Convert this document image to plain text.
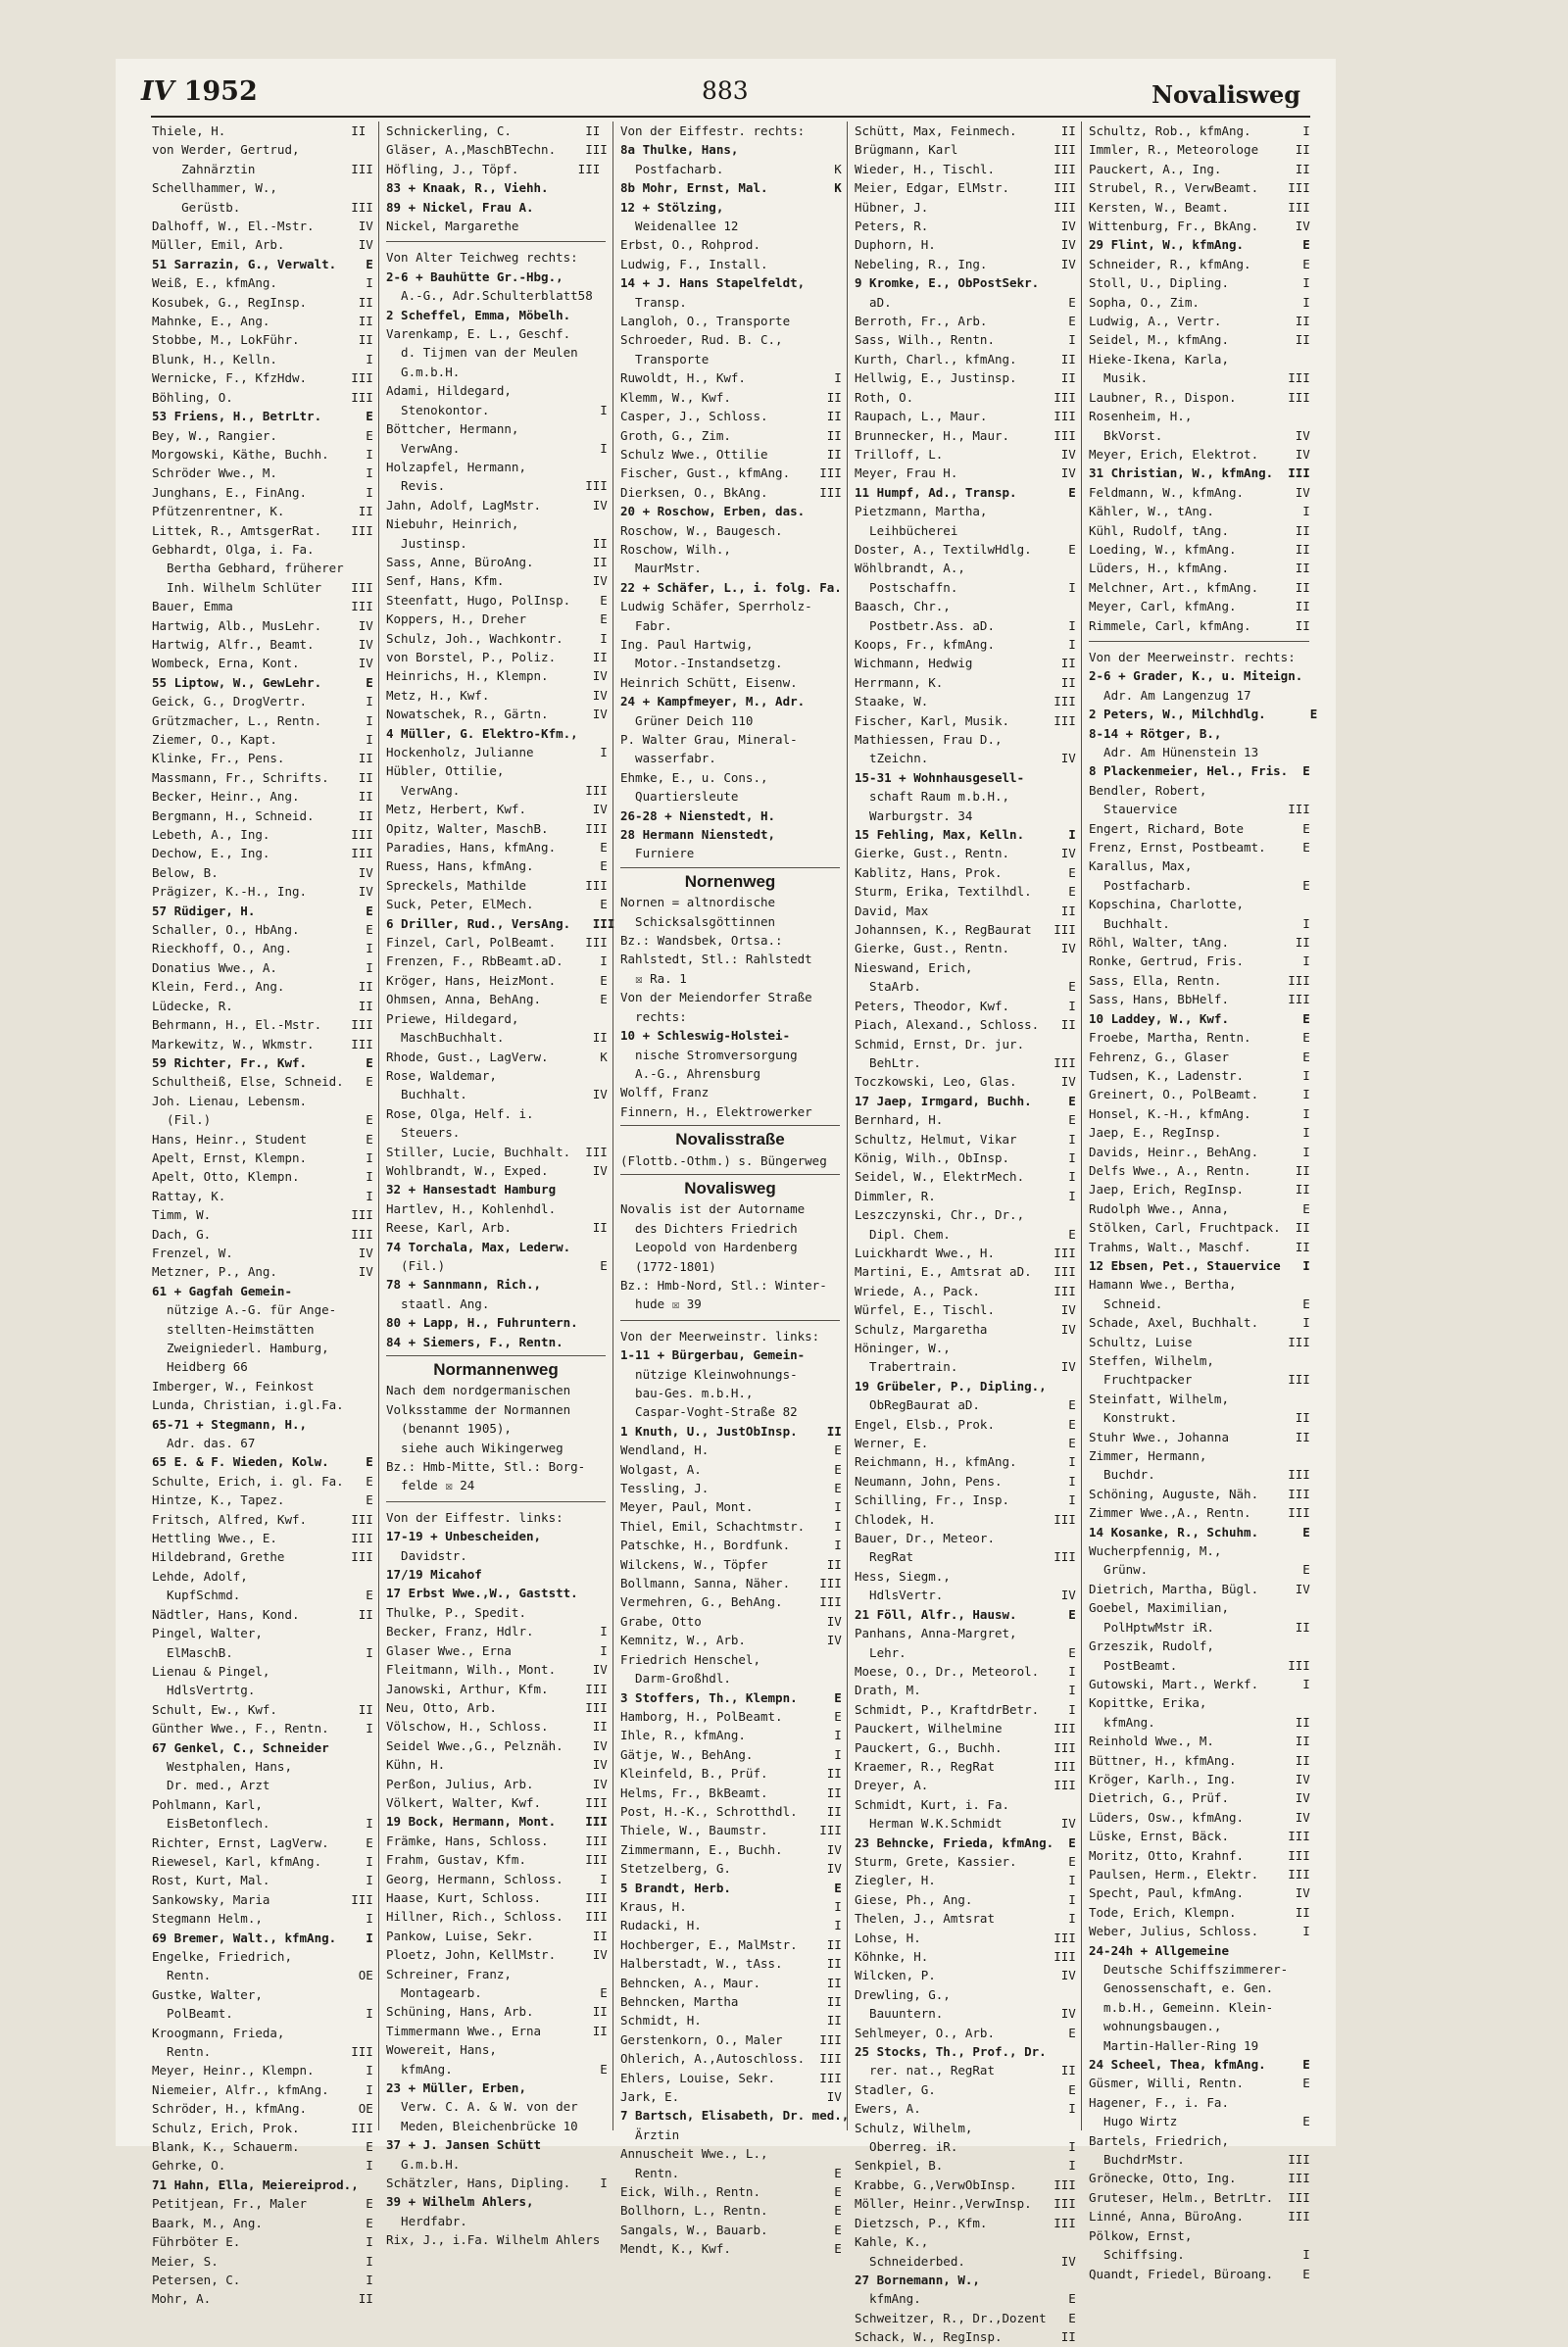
IV 1952	883	Novalisweg
Thiele, H.                 II
von Werder, Gertrud,
Zahnärztin             III
Schellhammer, W.,
Gerüstb.               III
Dalhoff, W., El.-Mstr.      IV
Müller, Emil, Arb.          IV
51 Sarrazin, G., Verwalt.    E
Weiß, E., kfmAng.            I
Kosubek, G., RegInsp.       II
Mahnke, E., Ang.            II
Stobbe, M., LokFühr.        II
Blunk, H., Kelln.            I
Wernicke, F., KfzHdw.      III
Böhling, O.                III
53 Friens, H., BetrLtr.      E
Bey, W., Rangier.            E
Morgowski, Käthe, Buchh.     I
Schröder Wwe., M.            I
Junghans, E., FinAng.        I
Pfützenrentner, K.          II
Littek, R., AmtsgerRat.    III
Gebhardt, Olga, i. Fa.
Bertha Gebhard, früherer
Inh. Wilhelm Schlüter    III
Bauer, Emma                III
Hartwig, Alb., MusLehr.     IV
Hartwig, Alfr., Beamt.      IV
Wombeck, Erna, Kont.        IV
55 Liptow, W., GewLehr.      E
Geick, G., DrogVertr.        I
Grützmacher, L., Rentn.      I
Ziemer, O., Kapt.            I
Klinke, Fr., Pens.          II
Massmann, Fr., Schrifts.    II
Becker, Heinr., Ang.        II
Bergmann, H., Schneid.      II
Lebeth, A., Ing.           III
Dechow, E., Ing.           III
Below, B.                   IV
Prägizer, K.-H., Ing.       IV
57 Rüdiger, H.               E
Schaller, O., HbAng.         E
Rieckhoff, O., Ang.          I
Donatius Wwe., A.            I
Klein, Ferd., Ang.          II
Lüdecke, R.                 II
Behrmann, H., El.-Mstr.    III
Markewitz, W., Wkmstr.     III
59 Richter, Fr., Kwf.        E
Schultheiß, Else, Schneid.   E
Joh. Lienau, Lebensm.
(Fil.)                     E
Hans, Heinr., Student        E
Apelt, Ernst, Klempn.        I
Apelt, Otto, Klempn.         I
Rattay, K.                   I
Timm, W.                   III
Dach, G.                   III
Frenzel, W.                 IV
Metzner, P., Ang.           IV
61 + Gagfah Gemein-
nützige A.-G. für Ange-
stellten-Heimstätten
Zweigniederl. Hamburg,
Heidberg 66
Imberger, W., Feinkost
Lunda, Christian, i.gl.Fa.
65-71 + Stegmann, H.,
Adr. das. 67
65 E. & F. Wieden, Kolw.     E
Schulte, Erich, i. gl. Fa.   E
Hintze, K., Tapez.           E
Fritsch, Alfred, Kwf.      III
Hettling Wwe., E.          III
Hildebrand, Grethe         III
Lehde, Adolf,
KupfSchmd.                 E
Nädtler, Hans, Kond.        II
Pingel, Walter,
ElMaschB.                  I
Lienau & Pingel,
HdlsVertrtg.
Schult, Ew., Kwf.           II
Günther Wwe., F., Rentn.     I
67 Genkel, C., Schneider
Westphalen, Hans,
Dr. med., Arzt
Pohlmann, Karl,
EisBetonflech.             I
Richter, Ernst, LagVerw.     E
Riewesel, Karl, kfmAng.      I
Rost, Kurt, Mal.             I
Sankowsky, Maria           III
Stegmann Helm.,              I
69 Bremer, Walt., kfmAng.    I
Engelke, Friedrich,
Rentn.                    OE
Gustke, Walter,
PolBeamt.                  I
Kroogmann, Frieda,
Rentn.                   III
Meyer, Heinr., Klempn.       I
Niemeier, Alfr., kfmAng.     I
Schröder, H., kfmAng.       OE
Schulz, Erich, Prok.       III
Blank, K., Schauerm.         E
Gehrke, O.                   I
71 Hahn, Ella, Meiereiprod.,
Petitjean, Fr., Maler        E
Baark, M., Ang.              E
Führböter E.                 I
Meier, S.                    I
Petersen, C.                 I
Mohr, A.                    II
Schnickerling, C.          II
Gläser, A.,MaschBTechn.    III
Höfling, J., Töpf.        III
83 + Knaak, R., Viehh.
89 + Nickel, Frau A.
Nickel, Margarethe
Von Alter Teichweg rechts:
2-6 + Bauhütte Gr.-Hbg.,
A.-G., Adr.Schulterblatt58
2 Scheffel, Emma, Möbelh.
Varenkamp, E. L., Geschf.
d. Tijmen van der Meulen
G.m.b.H.
Adami, Hildegard,
Stenokontor.               I
Böttcher, Hermann,
VerwAng.                   I
Holzapfel, Hermann,
Revis.                   III
Jahn, Adolf, LagMstr.       IV
Niebuhr, Heinrich,
Justinsp.                 II
Sass, Anne, BüroAng.        II
Senf, Hans, Kfm.            IV
Steenfatt, Hugo, PolInsp.    E
Koppers, H., Dreher          E
Schulz, Joh., Wachkontr.     I
von Borstel, P., Poliz.     II
Heinrichs, H., Klempn.      IV
Metz, H., Kwf.              IV
Nowatschek, R., Gärtn.      IV
4 Müller, G. Elektro-Kfm.,
Hockenholz, Julianne         I
Hübler, Ottilie,
VerwAng.                 III
Metz, Herbert, Kwf.         IV
Opitz, Walter, MaschB.     III
Paradies, Hans, kfmAng.      E
Ruess, Hans, kfmAng.         E
Spreckels, Mathilde        III
Suck, Peter, ElMech.         E
6 Driller, Rud., VersAng.   III
Finzel, Carl, PolBeamt.    III
Frenzen, F., RbBeamt.aD.     I
Kröger, Hans, HeizMont.      E
Ohmsen, Anna, BehAng.        E
Priewe, Hildegard,
MaschBuchhalt.            II
Rhode, Gust., LagVerw.       K
Rose, Waldemar,
Buchhalt.                 IV
Rose, Olga, Helf. i.
Steuers.
Stiller, Lucie, Buchhalt.  III
Wohlbrandt, W., Exped.      IV
32 + Hansestadt Hamburg
Hartlev, H., Kohlenhdl.
Reese, Karl, Arb.           II
74 Torchala, Max, Lederw.
(Fil.)                     E
78 + Sannmann, Rich.,
staatl. Ang.
80 + Lapp, H., Fuhruntern.
84 + Siemers, F., Rentn.
Normannenweg
Nach dem nordgermanischen
Volksstamme der Normannen
(benannt 1905),
siehe auch Wikingerweg
Bz.: Hmb-Mitte, Stl.: Borg-
felde ☒ 24
Von der Eiffestr. links:
17-19 + Unbescheiden,
Davidstr.
17/19 Micahof
17 Erbst Wwe.,W., Gaststt.
Thulke, P., Spedit.
Becker, Franz, Hdlr.         I
Glaser Wwe., Erna            I
Fleitmann, Wilh., Mont.     IV
Janowski, Arthur, Kfm.     III
Neu, Otto, Arb.            III
Völschow, H., Schloss.      II
Seidel Wwe.,G., Pelznäh.    IV
Kühn, H.                    IV
Perßon, Julius, Arb.        IV
Völkert, Walter, Kwf.      III
19 Bock, Hermann, Mont.    III
Främke, Hans, Schloss.     III
Frahm, Gustav, Kfm.        III
Georg, Hermann, Schloss.     I
Haase, Kurt, Schloss.      III
Hillner, Rich., Schloss.   III
Pankow, Luise, Sekr.        II
Ploetz, John, KellMstr.     IV
Schreiner, Franz,
Montagearb.                E
Schüning, Hans, Arb.        II
Timmermann Wwe., Erna       II
Wowereit, Hans,
kfmAng.                    E
23 + Müller, Erben,
Verw. C. A. & W. von der
Meden, Bleichenbrücke 10
37 + J. Jansen Schütt
G.m.b.H.
Schätzler, Hans, Dipling.    I
39 + Wilhelm Ahlers,
Herdfabr.
Rix, J., i.Fa. Wilhelm Ahlers
Von der Eiffestr. rechts:
8a Thulke, Hans,
Postfacharb.               K
8b Mohr, Ernst, Mal.         K
12 + Stölzing,
Weidenallee 12
Erbst, O., Rohprod.
Ludwig, F., Install.
14 + J. Hans Stapelfeldt,
Transp.
Langloh, O., Transporte
Schroeder, Rud. B. C.,
Transporte
Ruwoldt, H., Kwf.            I
Klemm, W., Kwf.             II
Casper, J., Schloss.        II
Groth, G., Zim.             II
Schulz Wwe., Ottilie        II
Fischer, Gust., kfmAng.    III
Dierksen, O., BkAng.       III
20 + Roschow, Erben, das.
Roschow, W., Baugesch.
Roschow, Wilh.,
MaurMstr.
22 + Schäfer, L., i. folg. Fa.
Ludwig Schäfer, Sperrholz-
Fabr.
Ing. Paul Hartwig,
Motor.-Instandsetzg.
Heinrich Schütt, Eisenw.
24 + Kampfmeyer, M., Adr.
Grüner Deich 110
P. Walter Grau, Mineral-
wasserfabr.
Ehmke, E., u. Cons.,
Quartiersleute
26-28 + Nienstedt, H.
28 Hermann Nienstedt,
Furniere
Nornenweg
Nornen = altnordische
Schicksalsgöttinnen
Bz.: Wandsbek, Ortsa.:
Rahlstedt, Stl.: Rahlstedt
☒ Ra. 1
Von der Meiendorfer Straße
rechts:
10 + Schleswig-Holstei-
nische Stromversorgung
A.-G., Ahrensburg
Wolff, Franz
Finnern, H., Elektrowerker
Novalisstraße
(Flottb.-Othm.) s. Büngerweg
Novalisweg
Novalis ist der Autorname
des Dichters Friedrich
Leopold von Hardenberg
(1772-1801)
Bz.: Hmb-Nord, Stl.: Winter-
hude ☒ 39
Von der Meerweinstr. links:
1-11 + Bürgerbau, Gemein-
nützige Kleinwohnungs-
bau-Ges. m.b.H.,
Caspar-Voght-Straße 82
1 Knuth, U., JustObInsp.    II
Wendland, H.                 E
Wolgast, A.                  E
Tessling, J.                 E
Meyer, Paul, Mont.           I
Thiel, Emil, Schachtmstr.    I
Patschke, H., Bordfunk.      I
Wilckens, W., Töpfer        II
Bollmann, Sanna, Näher.    III
Vermehren, G., BehAng.     III
Grabe, Otto                 IV
Kemnitz, W., Arb.           IV
Friedrich Henschel,
Darm-Großhdl.
3 Stoffers, Th., Klempn.     E
Hamborg, H., PolBeamt.       E
Ihle, R., kfmAng.            I
Gätje, W., BehAng.           I
Kleinfeld, B., Prüf.        II
Helms, Fr., BkBeamt.        II
Post, H.-K., Schrotthdl.    II
Thiele, W., Baumstr.       III
Zimmermann, E., Buchh.      IV
Stetzelberg, G.             IV
5 Brandt, Herb.              E
Kraus, H.                    I
Rudacki, H.                  I
Hochberger, E., MalMstr.    II
Halberstadt, W., tAss.      II
Behncken, A., Maur.         II
Behncken, Martha            II
Schmidt, H.                 II
Gerstenkorn, O., Maler     III
Ohlerich, A.,Autoschloss.  III
Ehlers, Louise, Sekr.      III
Jark, E.                    IV
7 Bartsch, Elisabeth, Dr. med.,
Ärztin
Annuscheit Wwe., L.,
Rentn.                     E
Eick, Wilh., Rentn.          E
Bollhorn, L., Rentn.         E
Sangals, W., Bauarb.         E
Mendt, K., Kwf.              E
Schütt, Max, Feinmech.      II
Brügmann, Karl             III
Wieder, H., Tischl.        III
Meier, Edgar, ElMstr.      III
Hübner, J.                 III
Peters, R.                  IV
Duphorn, H.                 IV
Nebeling, R., Ing.          IV
9 Kromke, E., ObPostSekr.
aD.                        E
Berroth, Fr., Arb.           E
Sass, Wilh., Rentn.          I
Kurth, Charl., kfmAng.      II
Hellwig, E., Justinsp.      II
Roth, O.                   III
Raupach, L., Maur.         III
Brunnecker, H., Maur.      III
Trilloff, L.                IV
Meyer, Frau H.              IV
11 Humpf, Ad., Transp.       E
Pietzmann, Martha,
Leihbücherei
Doster, A., TextilwHdlg.     E
Wöhlbrandt, A.,
Postschaffn.               I
Baasch, Chr.,
Postbetr.Ass. aD.          I
Koops, Fr., kfmAng.          I
Wichmann, Hedwig            II
Herrmann, K.                II
Staake, W.                 III
Fischer, Karl, Musik.      III
Mathiessen, Frau D.,
tZeichn.                  IV
15-31 + Wohnhausgesell-
schaft Raum m.b.H.,
Warburgstr. 34
15 Fehling, Max, Kelln.      I
Gierke, Gust., Rentn.       IV
Kablitz, Hans, Prok.         E
Sturm, Erika, Textilhdl.     E
David, Max                  II
Johannsen, K., RegBaurat   III
Gierke, Gust., Rentn.       IV
Nieswand, Erich,
StaArb.                    E
Peters, Theodor, Kwf.        I
Piach, Alexand., Schloss.   II
Schmid, Ernst, Dr. jur.
BehLtr.                  III
Toczkowski, Leo, Glas.      IV
17 Jaep, Irmgard, Buchh.     E
Bernhard, H.                 E
Schultz, Helmut, Vikar       I
König, Wilh., ObInsp.        I
Seidel, W., ElektrMech.      I
Dimmler, R.                  I
Leszczynski, Chr., Dr.,
Dipl. Chem.                E
Luickhardt Wwe., H.        III
Martini, E., Amtsrat aD.   III
Wriede, A., Pack.          III
Würfel, E., Tischl.         IV
Schulz, Margaretha          IV
Höninger, W.,
Trabertrain.              IV
19 Grübeler, P., Dipling.,
ObRegBaurat aD.            E
Engel, Elsb., Prok.          E
Werner, E.                   E
Reichmann, H., kfmAng.       I
Neumann, John, Pens.         I
Schilling, Fr., Insp.        I
Chlodek, H.                III
Bauer, Dr., Meteor.
RegRat                   III
Hess, Siegm.,
HdlsVertr.                IV
21 Föll, Alfr., Hausw.       E
Panhans, Anna-Margret,
Lehr.                      E
Moese, O., Dr., Meteorol.    I
Drath, M.                    I
Schmidt, P., KraftdrBetr.    I
Pauckert, Wilhelmine       III
Pauckert, G., Buchh.       III
Kraemer, R., RegRat        III
Dreyer, A.                 III
Schmidt, Kurt, i. Fa.
Herman W.K.Schmidt        IV
23 Behncke, Frieda, kfmAng.  E
Sturm, Grete, Kassier.       E
Ziegler, H.                  I
Giese, Ph., Ang.             I
Thelen, J., Amtsrat          I
Lohse, H.                  III
Köhnke, H.                 III
Wilcken, P.                 IV
Drewling, G.,
Bauuntern.                IV
Sehlmeyer, O., Arb.          E
25 Stocks, Th., Prof., Dr.
rer. nat., RegRat         II
Stadler, G.                  E
Ewers, A.                    I
Schulz, Wilhelm,
Oberreg. iR.               I
Senkpiel, B.                 I
Krabbe, G.,VerwObInsp.     III
Möller, Heinr.,VerwInsp.   III
Dietzsch, P., Kfm.         III
Kahle, K.,
Schneiderbed.             IV
27 Bornemann, W.,
kfmAng.                    E
Schweitzer, R., Dr.,Dozent   E
Schack, W., RegInsp.        II
Schultz, Rob., kfmAng.       I
Immler, R., Meteorologe     II
Pauckert, A., Ing.          II
Strubel, R., VerwBeamt.    III
Kersten, W., Beamt.        III
Wittenburg, Fr., BkAng.     IV
29 Flint, W., kfmAng.        E
Schneider, R., kfmAng.       E
Stoll, U., Dipling.          I
Sopha, O., Zim.              I
Ludwig, A., Vertr.          II
Seidel, M., kfmAng.         II
Hieke-Ikena, Karla,
Musik.                   III
Laubner, R., Dispon.       III
Rosenheim, H.,
BkVorst.                  IV
Meyer, Erich, Elektrot.     IV
31 Christian, W., kfmAng.  III
Feldmann, W., kfmAng.       IV
Kähler, W., tAng.            I
Kühl, Rudolf, tAng.         II
Loeding, W., kfmAng.        II
Lüders, H., kfmAng.         II
Melchner, Art., kfmAng.     II
Meyer, Carl, kfmAng.        II
Rimmele, Carl, kfmAng.      II
Von der Meerweinstr. rechts:
2-6 + Grader, K., u. Miteign.
Adr. Am Langenzug 17
2 Peters, W., Milchhdlg.      E
8-14 + Rötger, B.,
Adr. Am Hünenstein 13
8 Plackenmeier, Hel., Fris.  E
Bendler, Robert,
Stauervice               III
Engert, Richard, Bote        E
Frenz, Ernst, Postbeamt.     E
Karallus, Max,
Postfacharb.               E
Kopschina, Charlotte,
Buchhalt.                  I
Röhl, Walter, tAng.         II
Ronke, Gertrud, Fris.        I
Sass, Ella, Rentn.         III
Sass, Hans, BbHelf.        III
10 Laddey, W., Kwf.          E
Froebe, Martha, Rentn.       E
Fehrenz, G., Glaser          E
Tudsen, K., Ladenstr.        I
Greinert, O., PolBeamt.      I
Honsel, K.-H., kfmAng.       I
Jaep, E., RegInsp.           I
Davids, Heinr., BehAng.      I
Delfs Wwe., A., Rentn.      II
Jaep, Erich, RegInsp.       II
Rudolph Wwe., Anna,          E
Stölken, Carl, Fruchtpack.  II
Trahms, Walt., Maschf.      II
12 Ebsen, Pet., Stauervice   I
Hamann Wwe., Bertha,
Schneid.                   E
Schade, Axel, Buchhalt.      I
Schultz, Luise             III
Steffen, Wilhelm,
Fruchtpacker             III
Steinfatt, Wilhelm,
Konstrukt.                II
Stuhr Wwe., Johanna         II
Zimmer, Hermann,
Buchdr.                  III
Schöning, Auguste, Näh.    III
Zimmer Wwe.,A., Rentn.     III
14 Kosanke, R., Schuhm.      E
Wucherpfennig, M.,
Grünw.                     E
Dietrich, Martha, Bügl.     IV
Goebel, Maximilian,
PolHptwMstr iR.           II
Grzeszik, Rudolf,
PostBeamt.               III
Gutowski, Mart., Werkf.      I
Kopittke, Erika,
kfmAng.                   II
Reinhold Wwe., M.           II
Büttner, H., kfmAng.        II
Kröger, Karlh., Ing.        IV
Dietrich, G., Prüf.         IV
Lüders, Osw., kfmAng.       IV
Lüske, Ernst, Bäck.        III
Moritz, Otto, Krahnf.      III
Paulsen, Herm., Elektr.    III
Specht, Paul, kfmAng.       IV
Tode, Erich, Klempn.        II
Weber, Julius, Schloss.      I
24-24h + Allgemeine
Deutsche Schiffszimmerer-
Genossenschaft, e. Gen.
m.b.H., Gemeinn. Klein-
wohnungsbaugen.,
Martin-Haller-Ring 19
24 Scheel, Thea, kfmAng.     E
Güsmer, Willi, Rentn.        E
Hagener, F., i. Fa.
Hugo Wirtz                 E
Bartels, Friedrich,
BuchdrMstr.              III
Grönecke, Otto, Ing.       III
Gruteser, Helm., BetrLtr.  III
Linné, Anna, BüroAng.      III
Pölkow, Ernst,
Schiffsing.                I
Quandt, Friedel, Büroang.    E
